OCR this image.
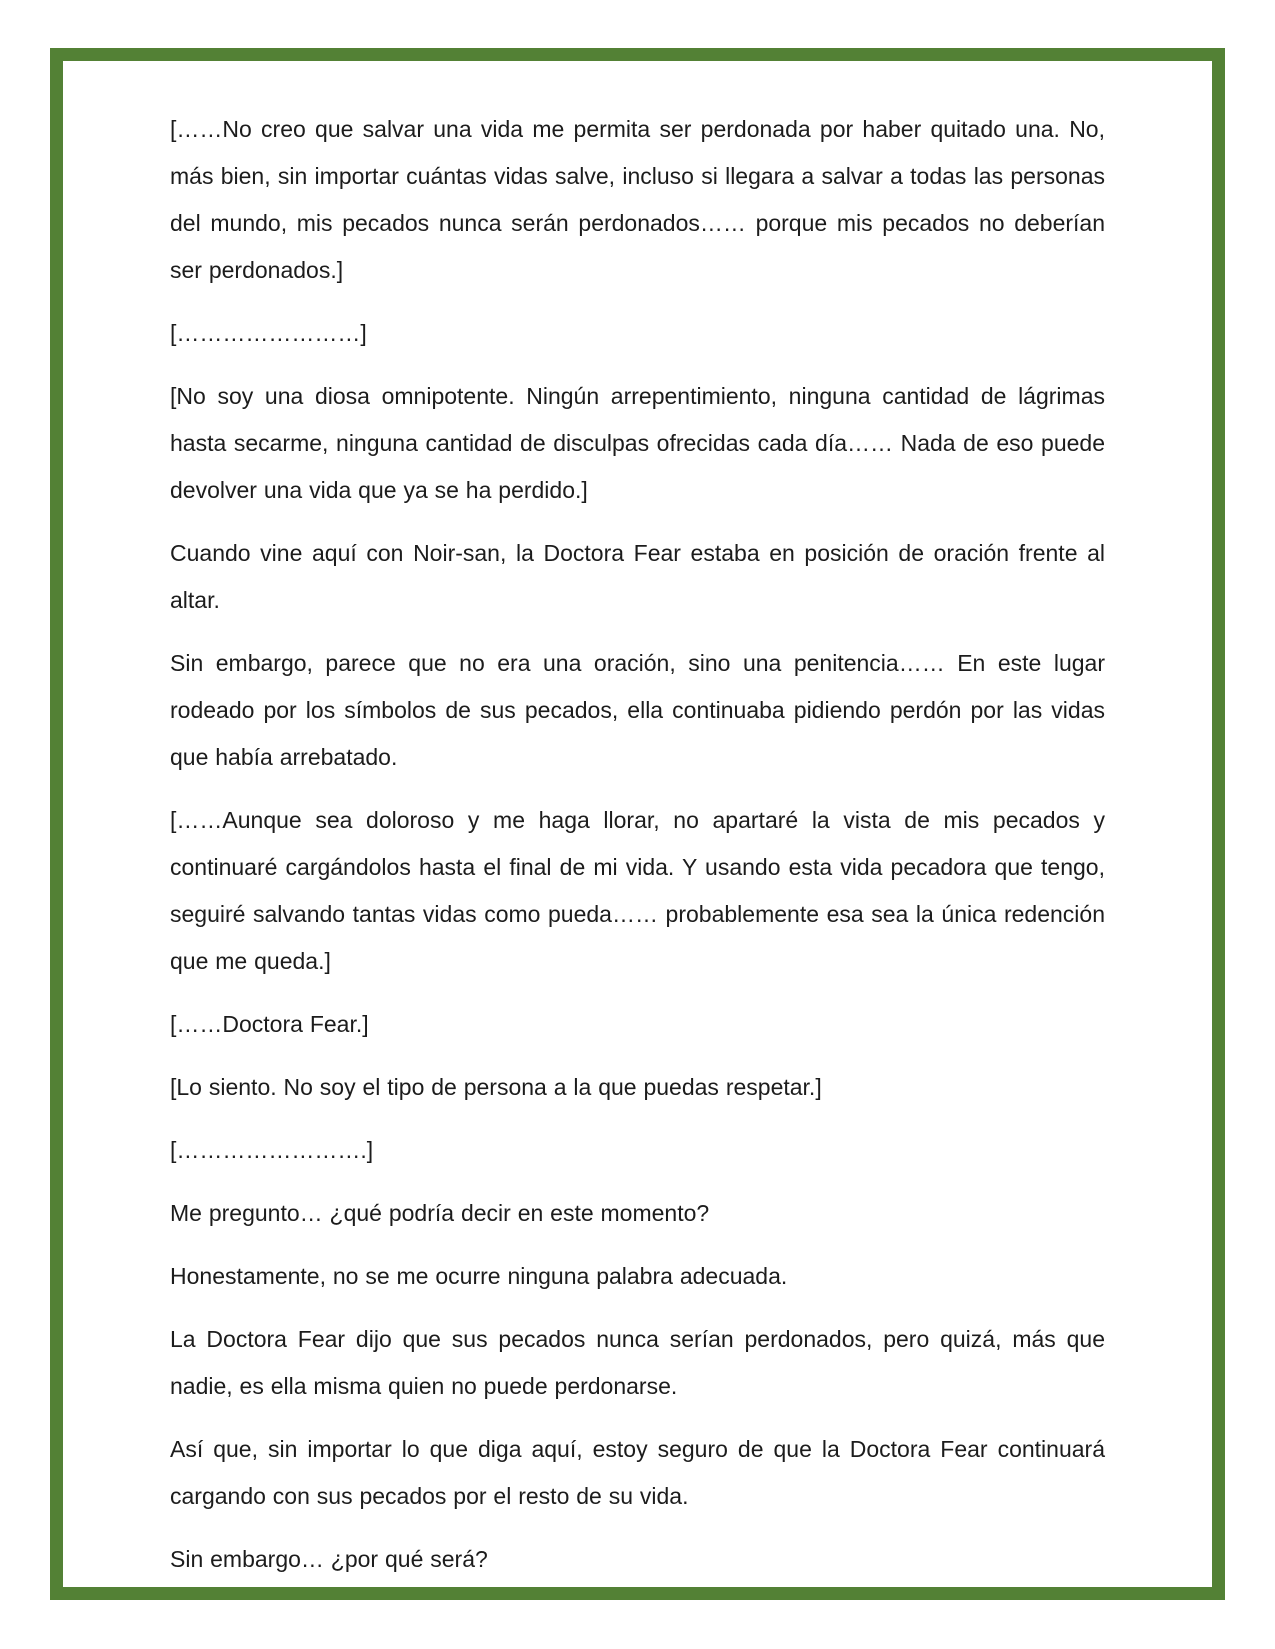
[……No creo que salvar una vida me permita ser perdonada por haber quitado una. No, más bien, sin importar cuántas vidas salve, incluso si llegara a salvar a todas las personas del mundo, mis pecados nunca serán perdonados…… porque mis pecados no deberían ser perdonados.]

[……………………]

[No soy una diosa omnipotente. Ningún arrepentimiento, ninguna cantidad de lágrimas hasta secarme, ninguna cantidad de disculpas ofrecidas cada día…… Nada de eso puede devolver una vida que ya se ha perdido.]

Cuando vine aquí con Noir-san, la Doctora Fear estaba en posición de oración frente al altar.

Sin embargo, parece que no era una oración, sino una penitencia…… En este lugar rodeado por los símbolos de sus pecados, ella continuaba pidiendo perdón por las vidas que había arrebatado.

[……Aunque sea doloroso y me haga llorar, no apartaré la vista de mis pecados y continuaré cargándolos hasta el final de mi vida. Y usando esta vida pecadora que tengo, seguiré salvando tantas vidas como pueda…… probablemente esa sea la única redención que me queda.]

[……Doctora Fear.]

[Lo siento. No soy el tipo de persona a la que puedas respetar.]

[…………………….]

Me pregunto… ¿qué podría decir en este momento?

Honestamente, no se me ocurre ninguna palabra adecuada.

La Doctora Fear dijo que sus pecados nunca serían perdonados, pero quizá, más que nadie, es ella misma quien no puede perdonarse.

Así que, sin importar lo que diga aquí, estoy seguro de que la Doctora Fear continuará cargando con sus pecados por el resto de su vida.

Sin embargo… ¿por qué será?
